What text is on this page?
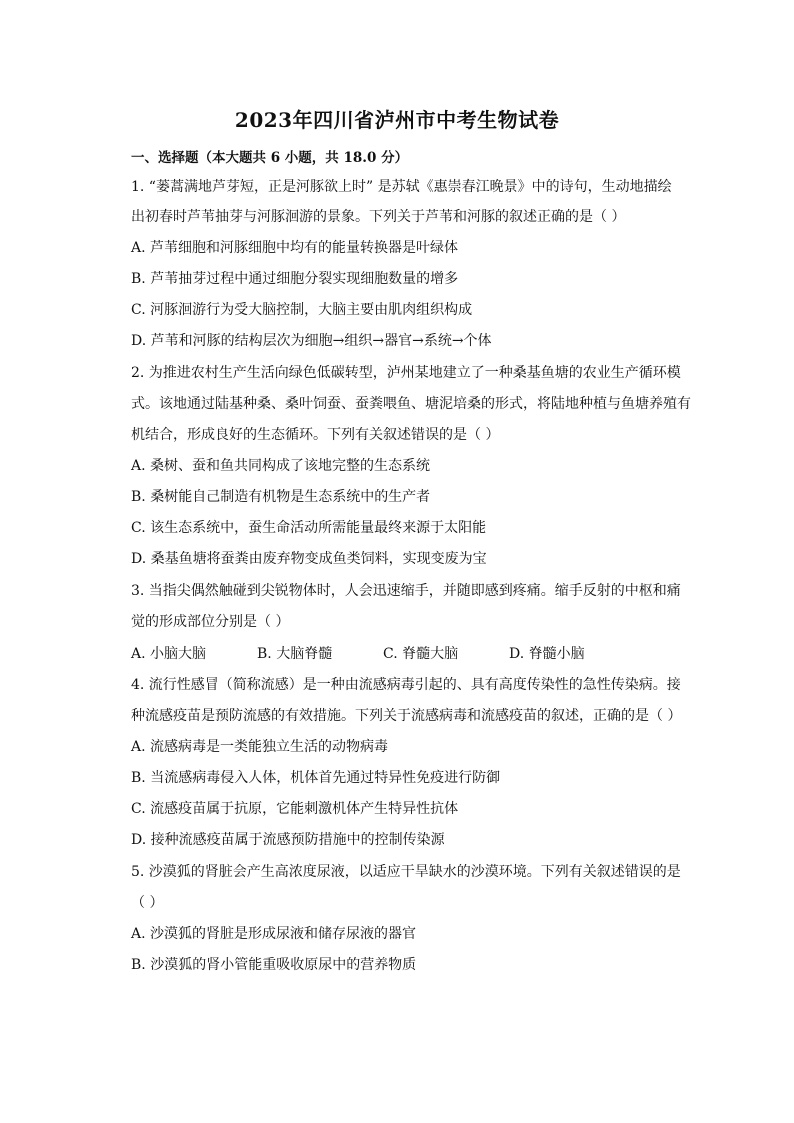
2023年四川省泸州市中考生物试卷
一、选择题（本大题共 6 小题，共 18.0 分）
1. “蒌蒿满地芦芽短，正是河豚欲上时” 是苏轼《惠崇春江晚景》中的诗句，生动地描绘
出初春时芦苇抽芽与河豚洄游的景象。下列关于芦苇和河豚的叙述正确的是（ ）
A. 芦苇细胞和河豚细胞中均有的能量转换器是叶绿体
B. 芦苇抽芽过程中通过细胞分裂实现细胞数量的增多
C. 河豚洄游行为受大脑控制，大脑主要由肌肉组织构成
D. 芦苇和河豚的结构层次为细胞→组织→器官→系统→个体
2. 为推进农村生产生活向绿色低碳转型，泸州某地建立了一种桑基鱼塘的农业生产循环模
式。该地通过陆基种桑、桑叶饲蚕、蚕粪喂鱼、塘泥培桑的形式，将陆地种植与鱼塘养殖有
机结合，形成良好的生态循环。下列有关叙述错误的是（ ）
A. 桑树、蚕和鱼共同构成了该地完整的生态系统
B. 桑树能自己制造有机物是生态系统中的生产者
C. 该生态系统中，蚕生命活动所需能量最终来源于太阳能
D. 桑基鱼塘将蚕粪由废弃物变成鱼类饲料，实现变废为宝
3. 当指尖偶然触碰到尖锐物体时，人会迅速缩手，并随即感到疼痛。缩手反射的中枢和痛
觉的形成部位分别是（ ）
A. 小脑大脑	B. 大脑脊髓	C. 脊髓大脑	D. 脊髓小脑
4. 流行性感冒（简称流感）是一种由流感病毒引起的、具有高度传染性的急性传染病。接
种流感疫苗是预防流感的有效措施。下列关于流感病毒和流感疫苗的叙述，正确的是（ ）
A. 流感病毒是一类能独立生活的动物病毒
B. 当流感病毒侵入人体，机体首先通过特异性免疫进行防御
C. 流感疫苗属于抗原，它能刺激机体产生特异性抗体
D. 接种流感疫苗属于流感预防措施中的控制传染源
5. 沙漠狐的肾脏会产生高浓度尿液，以适应干旱缺水的沙漠环境。下列有关叙述错误的是
（ ）
A. 沙漠狐的肾脏是形成尿液和储存尿液的器官
B. 沙漠狐的肾小管能重吸收原尿中的营养物质
